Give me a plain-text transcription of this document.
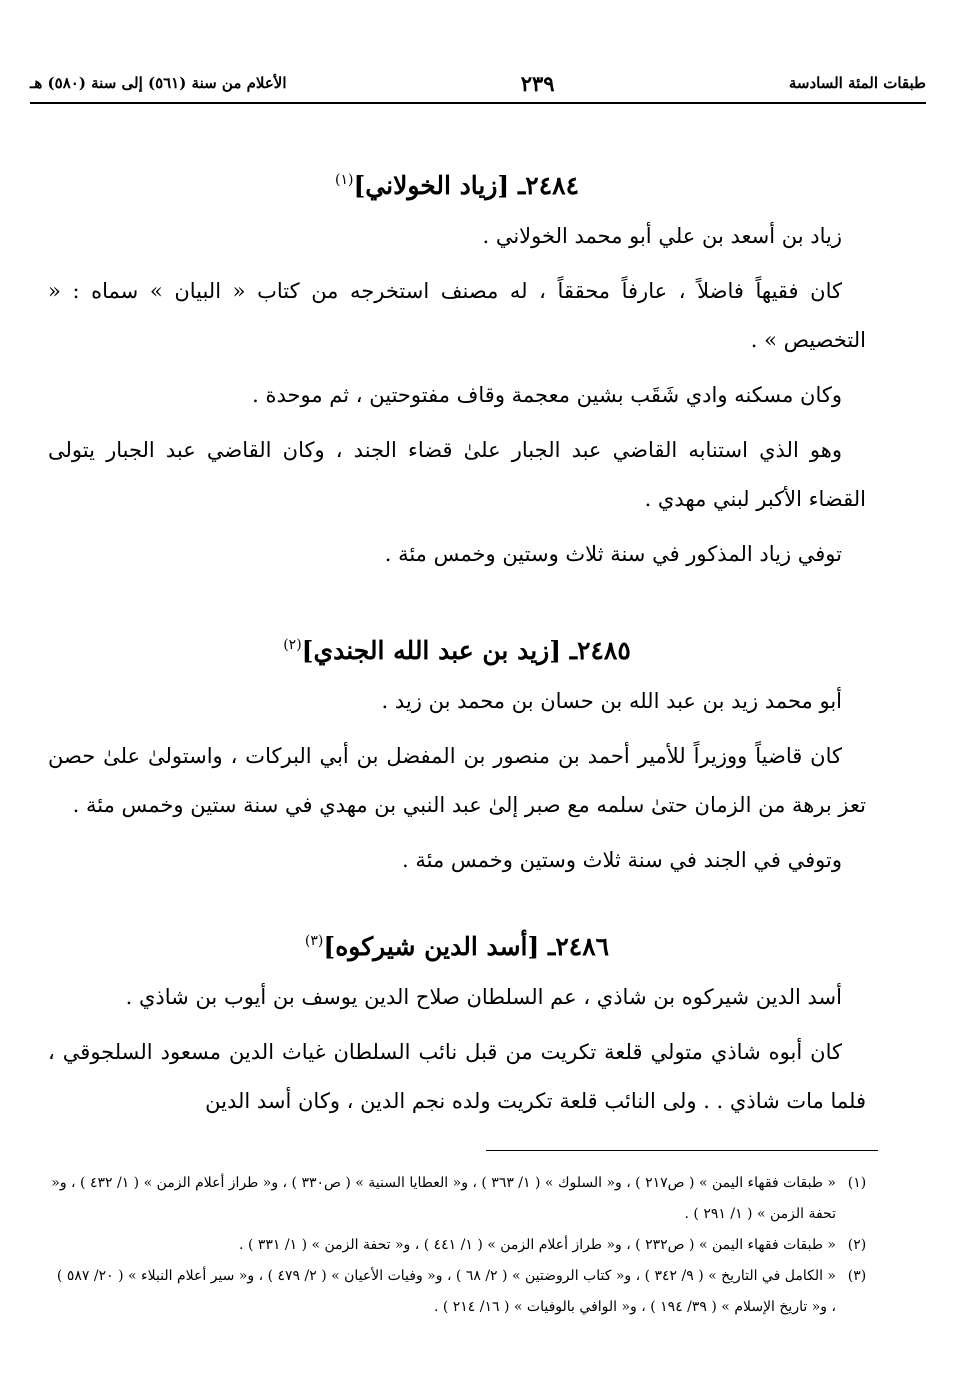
طبقات المئة السادسة
٢٣٩
الأعلام من سنة (٥٦١) إلى سنة (٥٨٠) هـ
٢٤٨٤ـ [زياد الخولاني]$^{(١)}$

زياد بن أسعد بن علي أبو محمد الخولاني .

كان فقيهاً فاضلاً ، عارفاً محققاً ، له مصنف استخرجه من كتاب « البيان » سماه : « التخصيص » .

وكان مسكنه وادي شَقَب بشين معجمة وقاف مفتوحتين ، ثم موحدة .

وهو الذي استنابه القاضي عبد الجبار علىٰ قضاء الجند ، وكان القاضي عبد الجبار يتولى القضاء الأكبر لبني مهدي .

توفي زياد المذكور في سنة ثلاث وستين وخمس مئة .

٢٤٨٥ـ [زيد بن عبد الله الجندي]$^{(٢)}$

أبو محمد زيد بن عبد الله بن حسان بن محمد بن زيد .

كان قاضياً ووزيراً للأمير أحمد بن منصور بن المفضل بن أبي البركات ، واستولىٰ علىٰ حصن تعز برهة من الزمان حتىٰ سلمه مع صبر إلىٰ عبد النبي بن مهدي في سنة ستين وخمس مئة .

وتوفي في الجند في سنة ثلاث وستين وخمس مئة .

٢٤٨٦ـ [أسد الدين شيركوه]$^{(٣)}$

أسد الدين شيركوه بن شاذي ، عم السلطان صلاح الدين يوسف بن أيوب بن شاذي .

كان أبوه شاذي متولي قلعة تكريت من قبل نائب السلطان غياث الدين مسعود السلجوقي ، فلما مات شاذي . . ولى النائب قلعة تكريت ولده نجم الدين ، وكان أسد الدين

(١)
« طبقات فقهاء اليمن » ( ص٢١٧ ) ، و« السلوك » ( ١/ ٣٦٣ ) ، و« العطايا السنية » ( ص٣٣٠ ) ، و« طراز أعلام الزمن » ( ١/ ٤٣٢ ) ، و« تحفة الزمن » ( ١/ ٢٩١ ) .
(٢)
« طبقات فقهاء اليمن » ( ص٢٣٢ ) ، و« طراز أعلام الزمن » ( ١/ ٤٤١ ) ، و« تحفة الزمن » ( ١/ ٣٣١ ) .
(٣)
« الكامل في التاريخ » ( ٩/ ٣٤٢ ) ، و« كتاب الروضتين » ( ٢/ ٦٨ ) ، و« وفيات الأعيان » ( ٢/ ٤٧٩ ) ، و« سير أعلام النبلاء » ( ٢٠/ ٥٨٧ ) ، و« تاريخ الإسلام » ( ٣٩/ ١٩٤ ) ، و« الوافي بالوفيات » ( ١٦/ ٢١٤ ) .
